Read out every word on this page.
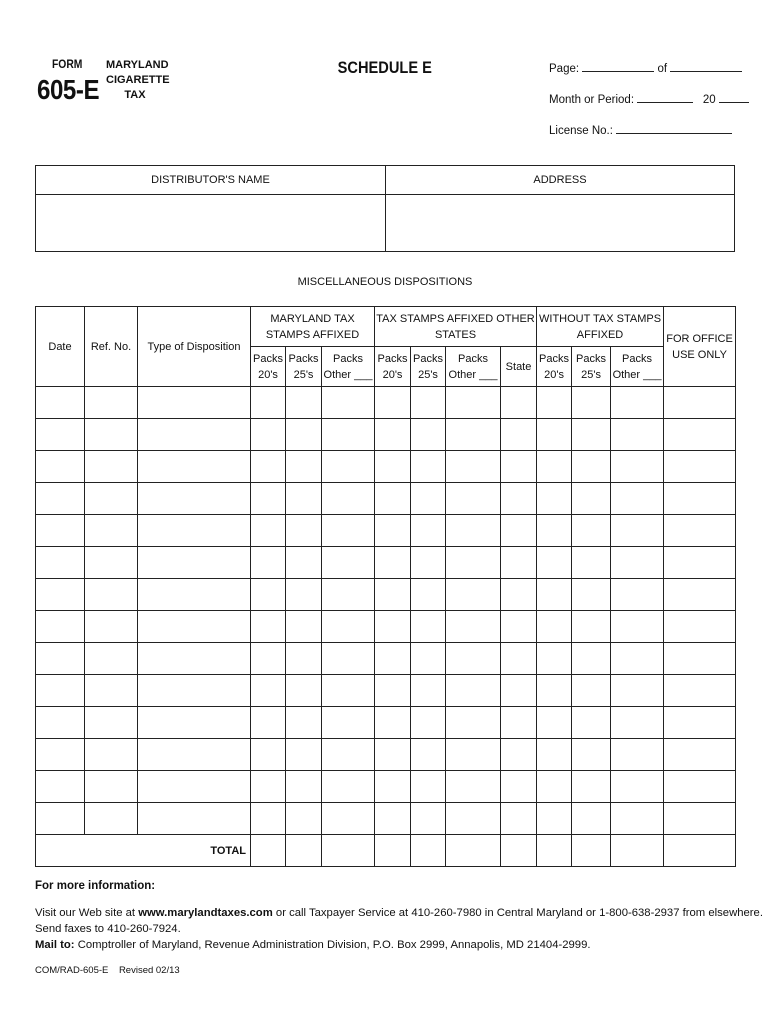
FORM
605-E
MARYLAND
CIGARETTE
TAX
SCHEDULE E	Page:	of
Month or Period:	20
License No.:
DISTRIBUTOR'S NAME	ADDRESS

MISCELLANEOUS DISPOSITIONS
Date	Ref. No.	Type of Disposition	MARYLAND TAX STAMPS AFFIXED			TAX STAMPS AFFIXED OTHER STATES				WITHOUT TAX STAMPS AFFIXED			FOR OFFICE USE ONLY
			Packs 20's	Packs 25's	Packs Other ___	Packs 20's	Packs 25's	Packs Other ___	State	Packs 20's	Packs 25's	Packs Other ___	

TOTAL													
For more information:
Visit our Web site at www.marylandtaxes.com or call Taxpayer Service at 410-260-7980 in Central Maryland or 1-800-638-2937 from elsewhere. Send faxes to 410-260-7924.
Mail to: Comptroller of Maryland, Revenue Administration Division, P.O. Box 2999, Annapolis, MD 21404-2999.
COM/RAD-605-E Revised 02/13
